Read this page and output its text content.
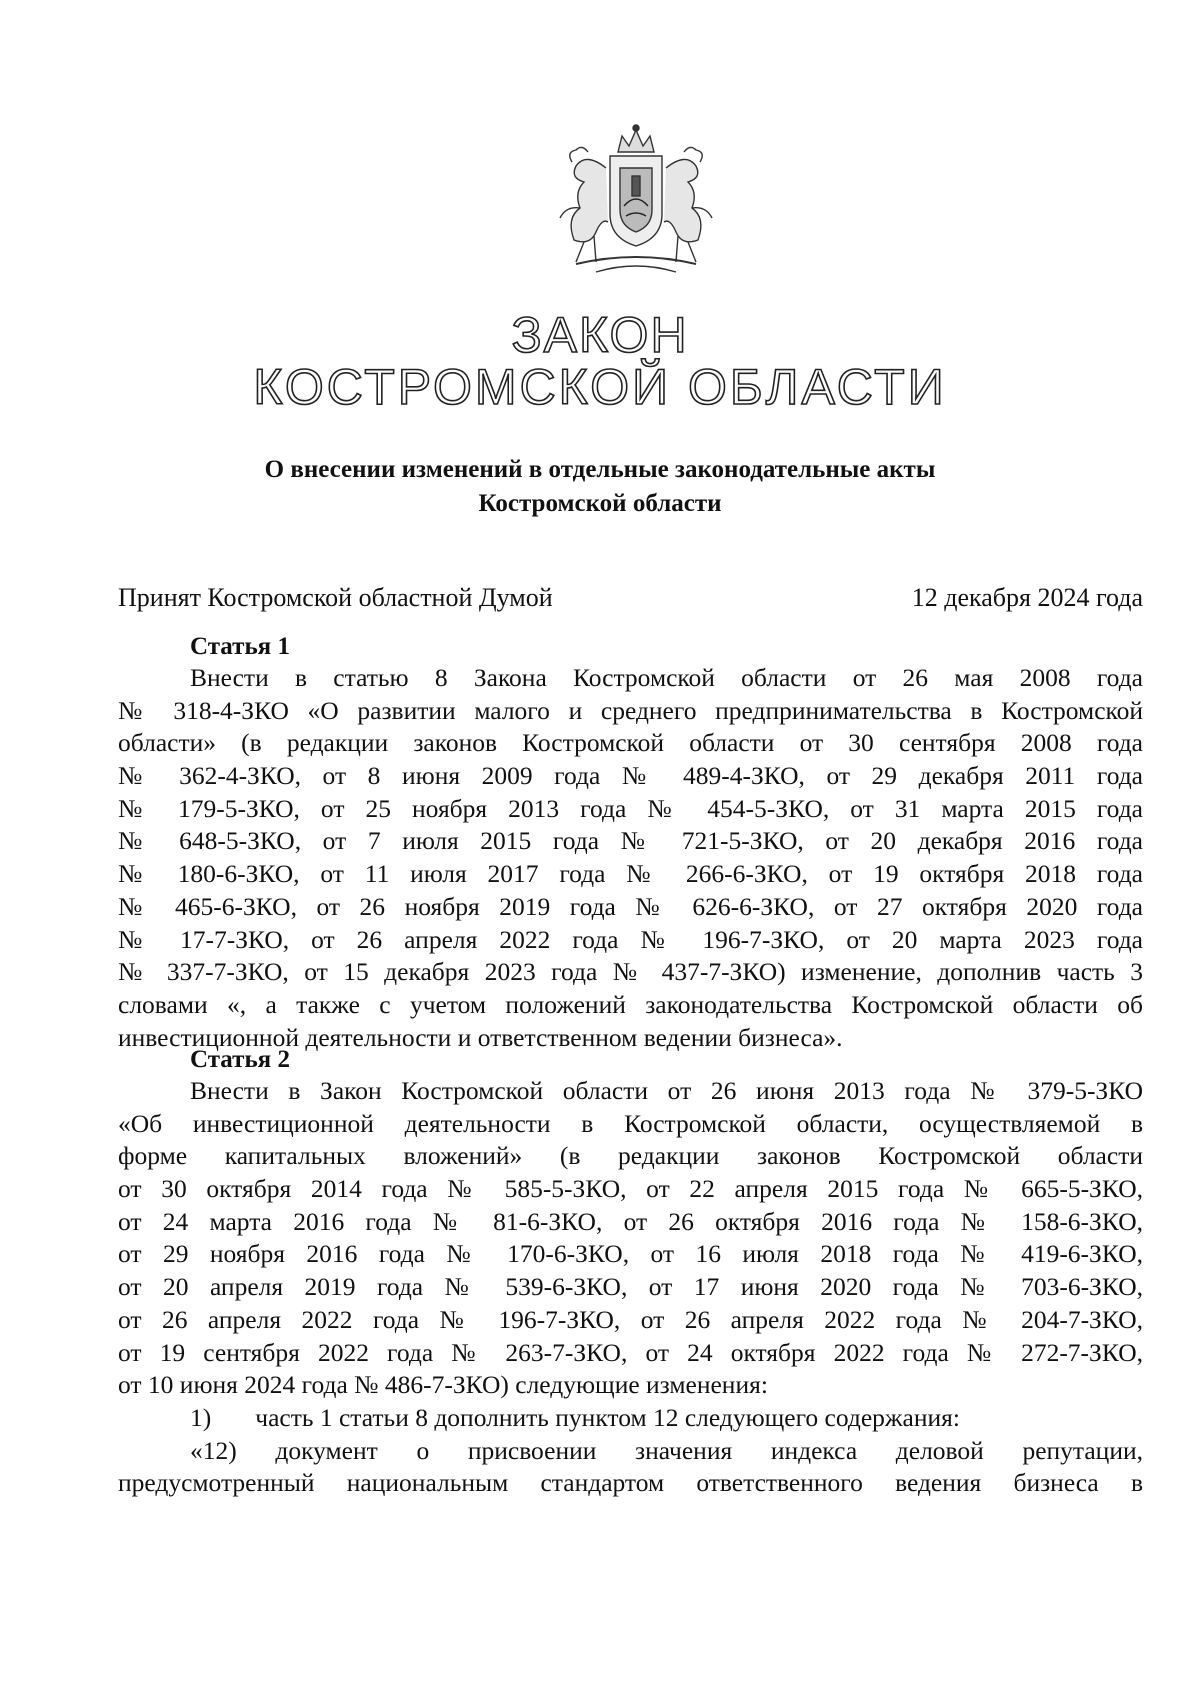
ЗАКОН
КОСТРОМСКОЙ ОБЛАСТИ
О внесении изменений в отдельные законодательные акты
Костромской области
Принят Костромской областной Думой	12 декабря 2024 года
Статья 1
Внести в статью 8 Закона Костромской области от 26 мая 2008 года
№ 318-4-ЗКО «О развитии малого и среднего предпринимательства в Костромской
области» (в редакции законов Костромской области от 30 сентября 2008 года
№ 362-4-ЗКО, от 8 июня 2009 года № 489-4-ЗКО, от 29 декабря 2011 года
№ 179-5-ЗКО, от 25 ноября 2013 года № 454-5-ЗКО, от 31 марта 2015 года
№ 648-5-ЗКО, от 7 июля 2015 года № 721-5-ЗКО, от 20 декабря 2016 года
№ 180-6-ЗКО, от 11 июля 2017 года № 266-6-ЗКО, от 19 октября 2018 года
№ 465-6-ЗКО, от 26 ноября 2019 года № 626-6-ЗКО, от 27 октября 2020 года
№ 17-7-ЗКО, от 26 апреля 2022 года № 196-7-ЗКО, от 20 марта 2023 года
№ 337-7-ЗКО, от 15 декабря 2023 года № 437-7-ЗКО) изменение, дополнив часть 3
словами «, а также с учетом положений законодательства Костромской области об
инвестиционной деятельности и ответственном ведении бизнеса».
Статья 2
Внести в Закон Костромской области от 26 июня 2013 года № 379-5-ЗКО
«Об инвестиционной деятельности в Костромской области, осуществляемой в
форме капитальных вложений» (в редакции законов Костромской области
от 30 октября 2014 года № 585-5-ЗКО, от 22 апреля 2015 года № 665-5-ЗКО,
от 24 марта 2016 года № 81-6-ЗКО, от 26 октября 2016 года № 158-6-ЗКО,
от 29 ноября 2016 года № 170-6-ЗКО, от 16 июля 2018 года № 419-6-ЗКО,
от 20 апреля 2019 года № 539-6-ЗКО, от 17 июня 2020 года № 703-6-ЗКО,
от 26 апреля 2022 года № 196-7-ЗКО, от 26 апреля 2022 года № 204-7-ЗКО,
от 19 сентября 2022 года № 263-7-ЗКО, от 24 октября 2022 года № 272-7-ЗКО,
от 10 июня 2024 года № 486-7-ЗКО) следующие изменения:
1) часть 1 статьи 8 дополнить пунктом 12 следующего содержания:
«12) документ о присвоении значения индекса деловой репутации,
предусмотренный национальным стандартом ответственного ведения бизнеса в
